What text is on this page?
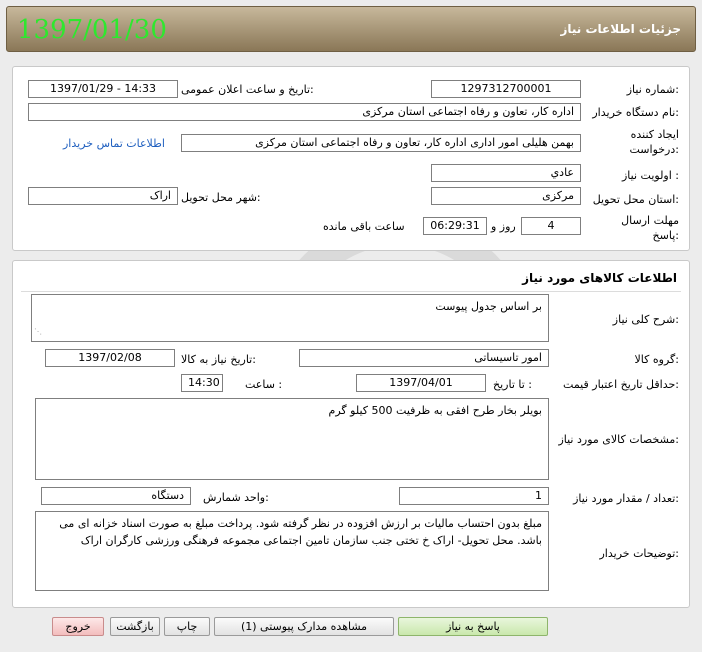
جزئیات اطلاعات نیاز
1397/01/30
شماره نیاز:
1297312700001
تاریخ و ساعت اعلان عمومی:
1397/01/29 - 14:33
نام دستگاه خریدار:
اداره کار، تعاون و رفاه اجتماعی استان مرکزی
ایجاد کننده
درخواست:
بهمن هلیلی امور اداری اداره کار، تعاون و رفاه اجتماعی استان مرکزی
اطلاعات تماس خریدار
اولویت نیاز :
عادي
استان محل تحویل:
مرکزی
شهر محل تحویل:
اراک
مهلت ارسال
پاسخ:
4
روز و
06:29:31
ساعت باقی مانده
اطلاعات کالاهای مورد نیاز
شرح کلی نیاز:
بر اساس جدول پیوست
⋰
گروه کالا:
امور تاسیساتی
تاریخ نیاز به کالا:
1397/02/08
حداقل تاریخ اعتبار قیمت:
تا تاریخ :
1397/04/01
ساعت :
14:30
مشخصات کالای مورد نیاز:
بویلر بخار طرح افقی به ظرفیت 500 کیلو گرم
تعداد / مقدار مورد نیاز:
1
واحد شمارش:
دستگاه
توضیحات خریدار:
مبلغ بدون احتساب مالیات بر ارزش افزوده در نظر گرفته شود. پرداخت مبلغ به صورت اسناد خزانه ای می باشد. محل تحویل- اراک خ تختی جنب سازمان تامین اجتماعی مجموعه فرهنگی ورزشی کارگران اراک
پاسخ به نیاز
مشاهده مدارک پیوستی (1)
چاپ
بازگشت
خروج
